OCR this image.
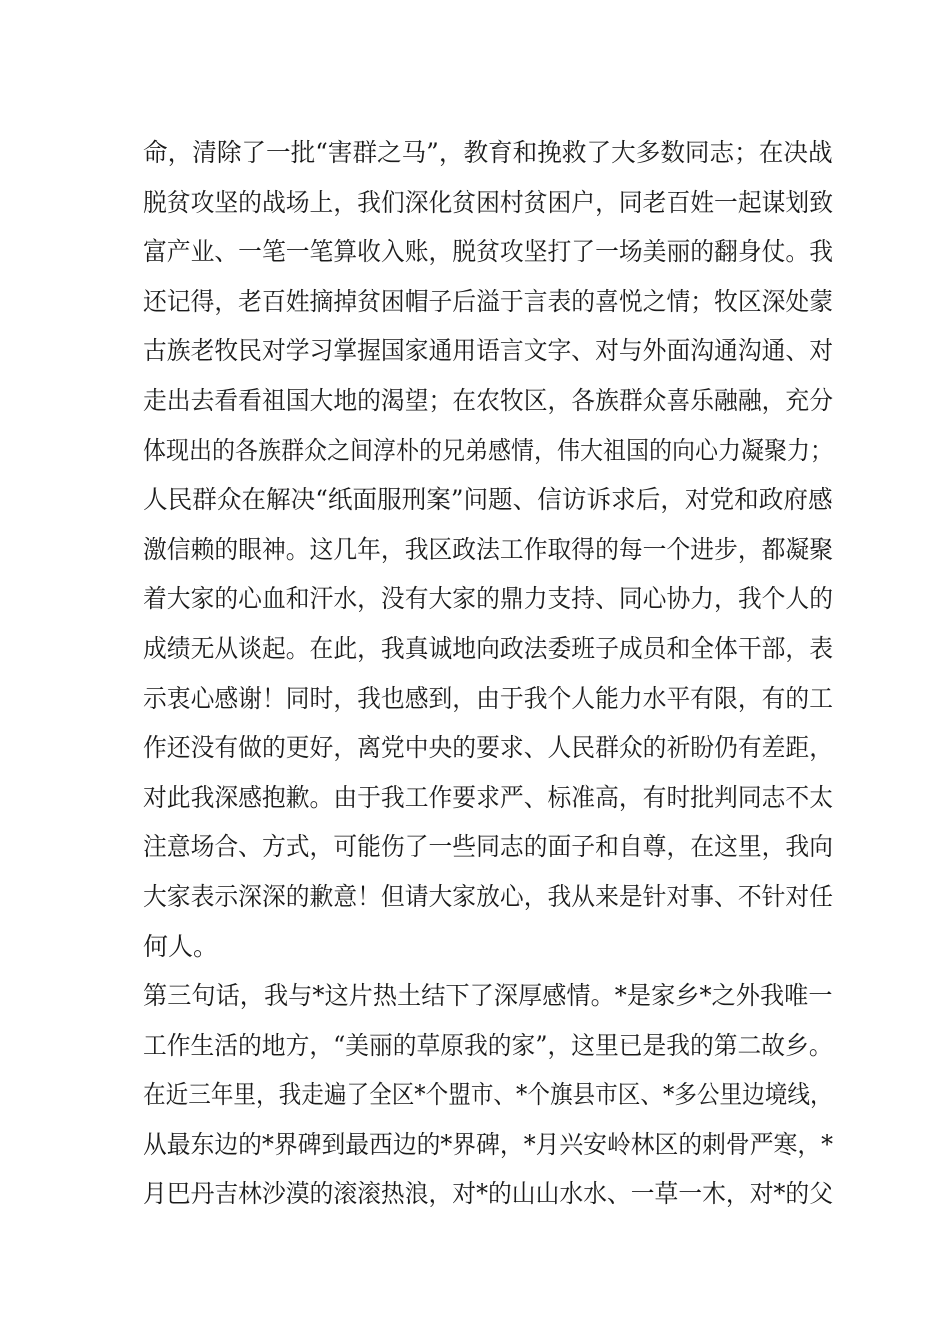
命，清除了一批“害群之马”，教育和挽救了大多数同志；在决战
脱贫攻坚的战场上，我们深化贫困村贫困户，同老百姓一起谋划致
富产业、一笔一笔算收入账，脱贫攻坚打了一场美丽的翻身仗。我
还记得，老百姓摘掉贫困帽子后溢于言表的喜悦之情；牧区深处蒙
古族老牧民对学习掌握国家通用语言文字、对与外面沟通沟通、对
走出去看看祖国大地的渴望；在农牧区，各族群众喜乐融融，充分
体现出的各族群众之间淳朴的兄弟感情，伟大祖国的向心力凝聚力；
人民群众在解决“纸面服刑案”问题、信访诉求后，对党和政府感
激信赖的眼神。这几年，我区政法工作取得的每一个进步，都凝聚
着大家的心血和汗水，没有大家的鼎力支持、同心协力，我个人的
成绩无从谈起。在此，我真诚地向政法委班子成员和全体干部，表
示衷心感谢！同时，我也感到，由于我个人能力水平有限，有的工
作还没有做的更好，离党中央的要求、人民群众的祈盼仍有差距，
对此我深感抱歉。由于我工作要求严、标准高，有时批判同志不太
注意场合、方式，可能伤了一些同志的面子和自尊，在这里，我向
大家表示深深的歉意！但请大家放心，我从来是针对事、不针对任
何人。
第三句话，我与*这片热土结下了深厚感情。*是家乡*之外我唯一
工作生活的地方，“美丽的草原我的家”，这里已是我的第二故乡。
在近三年里，我走遍了全区*个盟市、*个旗县市区、*多公里边境线，
从最东边的*界碑到最西边的*界碑，*月兴安岭林区的刺骨严寒，*
月巴丹吉林沙漠的滚滚热浪，对*的山山水水、一草一木，对*的父
